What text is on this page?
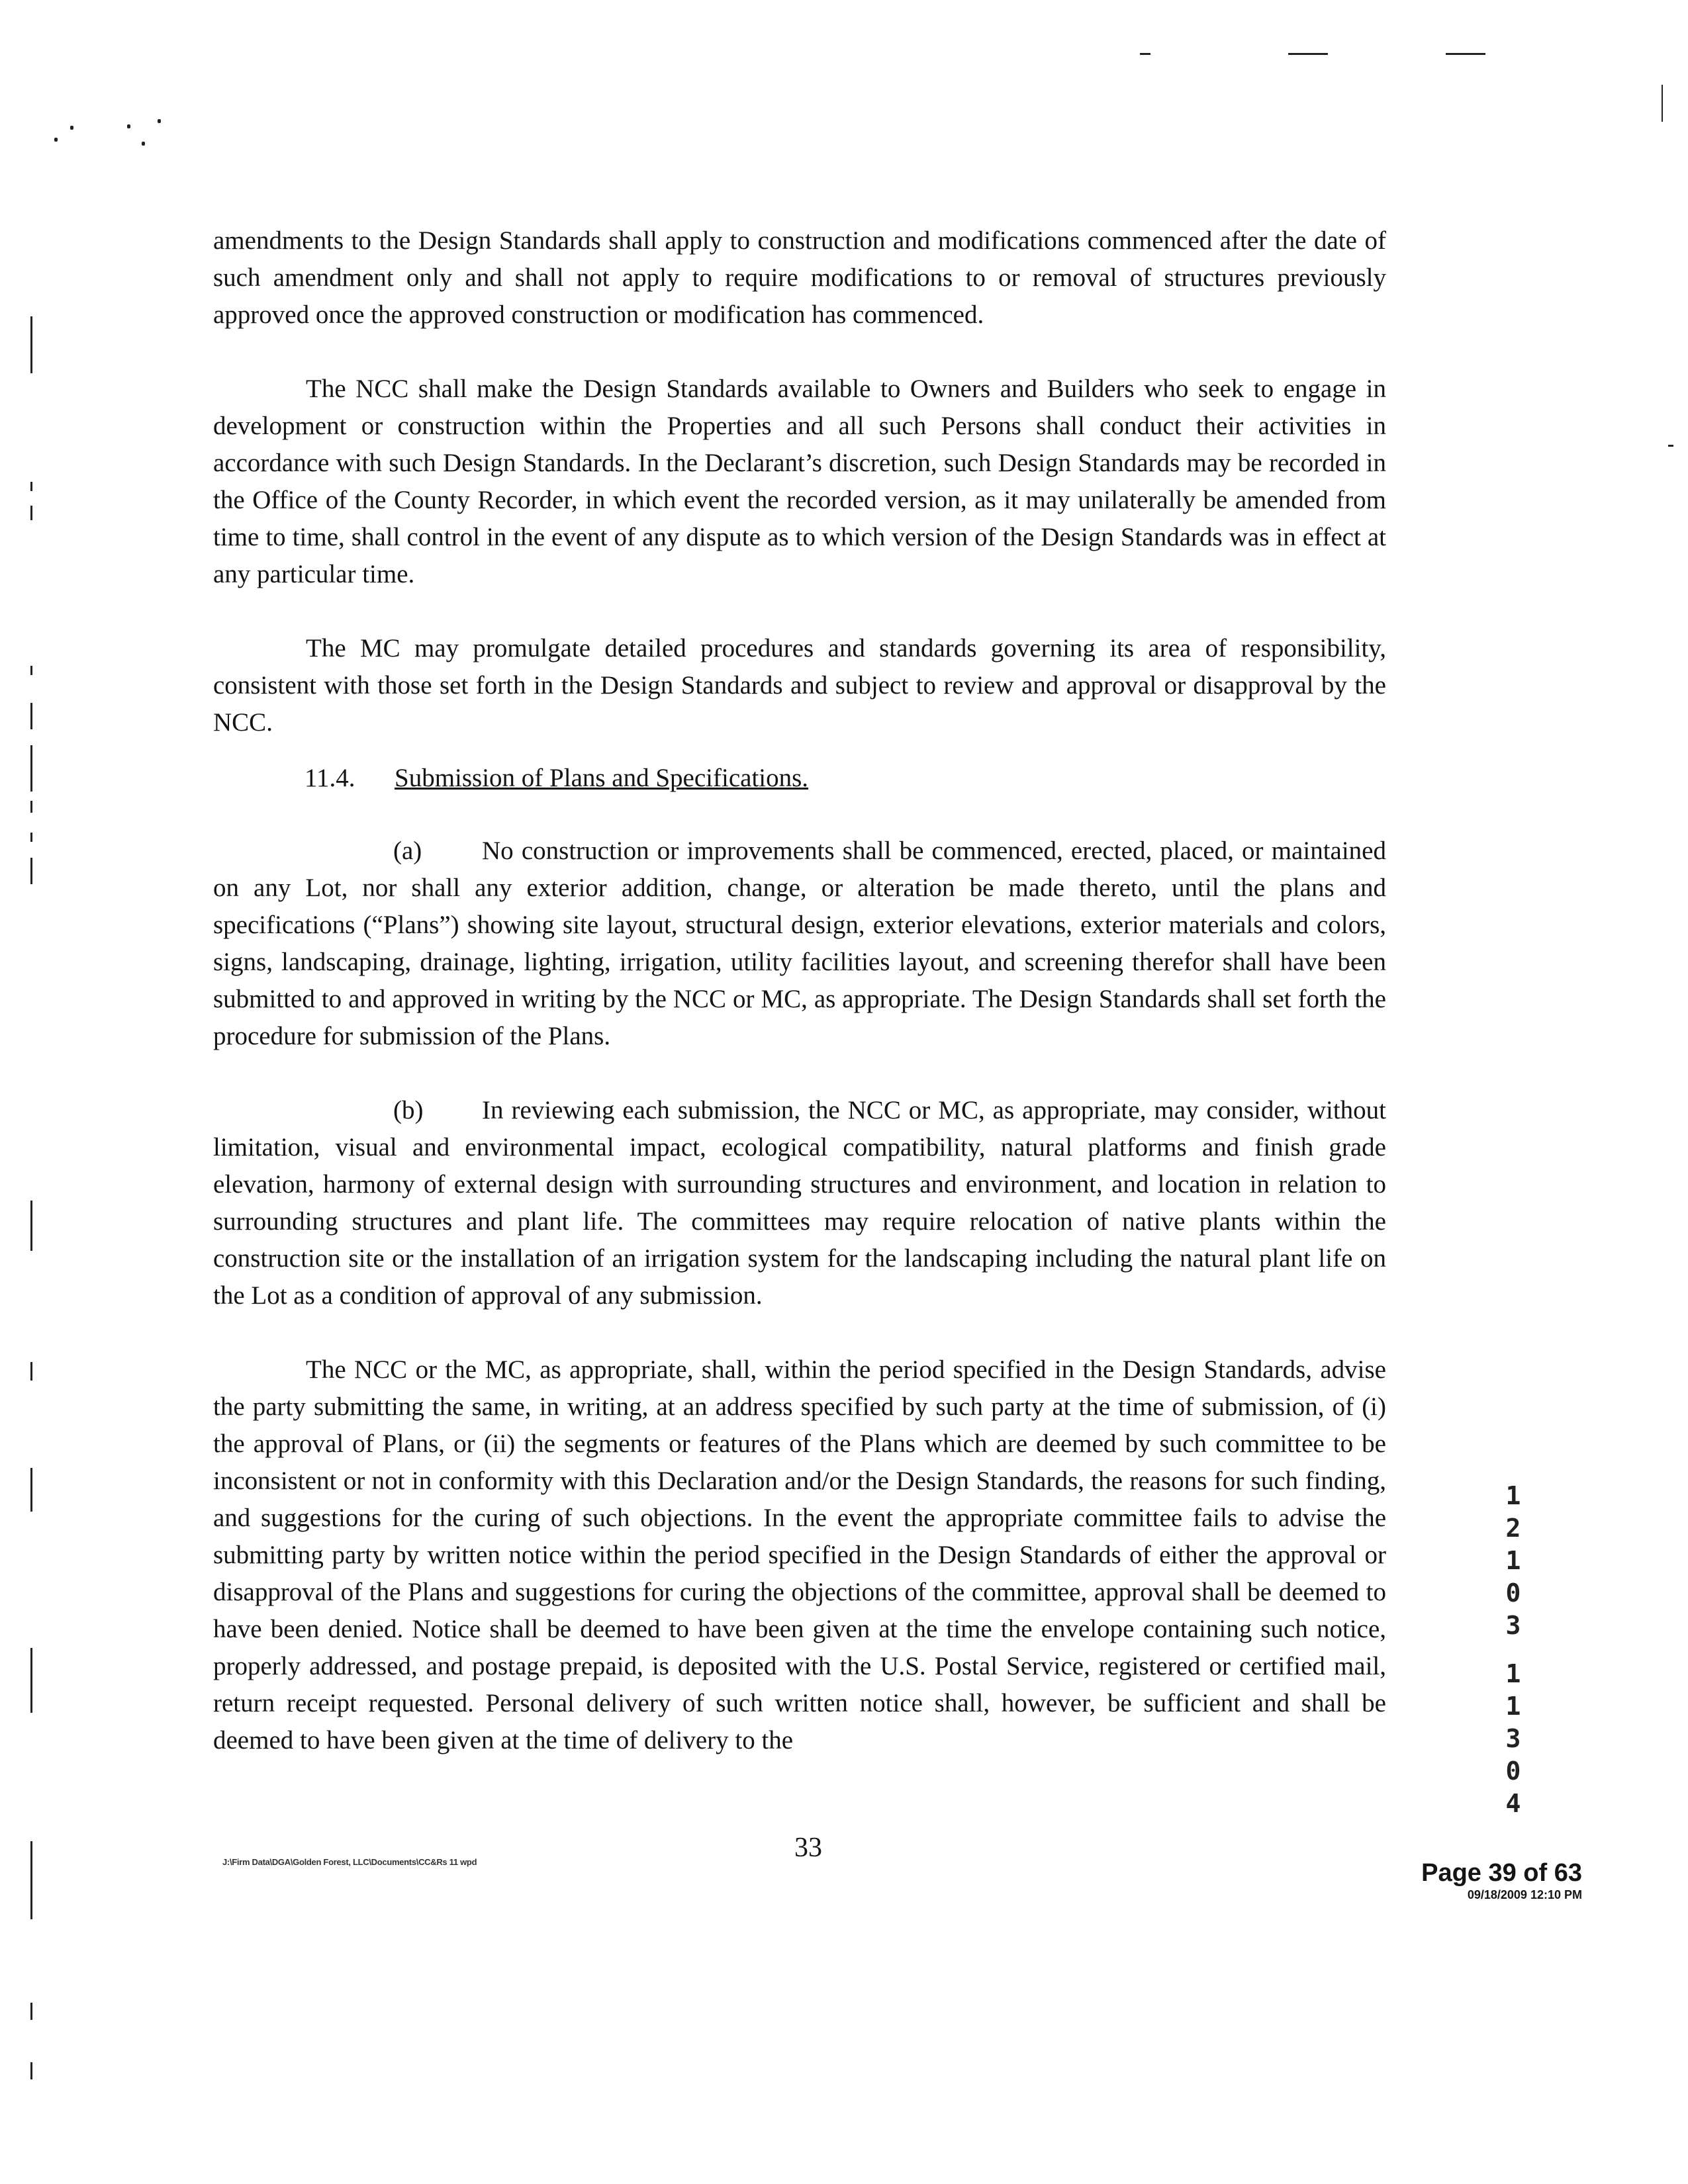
amendments to the Design Standards shall apply to construction and modifications commenced after the date of such amendment only and shall not apply to require modifications to or removal of structures previously approved once the approved construction or modification has commenced.

The NCC shall make the Design Standards available to Owners and Builders who seek to engage in development or construction within the Properties and all such Persons shall conduct their activities in accordance with such Design Standards. In the Declarant’s discretion, such Design Standards may be recorded in the Office of the County Recorder, in which event the recorded version, as it may unilaterally be amended from time to time, shall control in the event of any dispute as to which version of the Design Standards was in effect at any particular time.

The MC may promulgate detailed procedures and standards governing its area of responsibility, consistent with those set forth in the Design Standards and subject to review and approval or disapproval by the NCC.

11.4. Submission of Plans and Specifications.

(a) No construction or improvements shall be commenced, erected, placed, or maintained on any Lot, nor shall any exterior addition, change, or alteration be made thereto, until the plans and specifications (“Plans”) showing site layout, structural design, exterior elevations, exterior materials and colors, signs, landscaping, drainage, lighting, irrigation, utility facilities layout, and screening therefor shall have been submitted to and approved in writing by the NCC or MC, as appropriate. The Design Standards shall set forth the procedure for submission of the Plans.

(b) In reviewing each submission, the NCC or MC, as appropriate, may consider, without limitation, visual and environmental impact, ecological compatibility, natural platforms and finish grade elevation, harmony of external design with surrounding structures and environment, and location in relation to surrounding structures and plant life. The committees may require relocation of native plants within the construction site or the installation of an irrigation system for the landscaping including the natural plant life on the Lot as a condition of approval of any submission.

The NCC or the MC, as appropriate, shall, within the period specified in the Design Standards, advise the party submitting the same, in writing, at an address specified by such party at the time of submission, of (i) the approval of Plans, or (ii) the segments or features of the Plans which are deemed by such committee to be inconsistent or not in conformity with this Declaration and/or the Design Standards, the reasons for such finding, and suggestions for the curing of such objections. In the event the appropriate committee fails to advise the submitting party by written notice within the period specified in the Design Standards of either the approval or disapproval of the Plans and suggestions for curing the objections of the committee, approval shall be deemed to have been denied. Notice shall be deemed to have been given at the time the envelope containing such notice, properly addressed, and postage prepaid, is deposited with the U.S. Postal Service, registered or certified mail, return receipt requested. Personal delivery of such written notice shall, however, be sufficient and shall be deemed to have been given at the time of delivery to the

1
2
1
0
3
1
1
3
0
4
J:\Firm Data\DGA\Golden Forest, LLC\Documents\CC&Rs 11 wpd	33
Page 39 of 63
09/18/2009 12:10 PM
